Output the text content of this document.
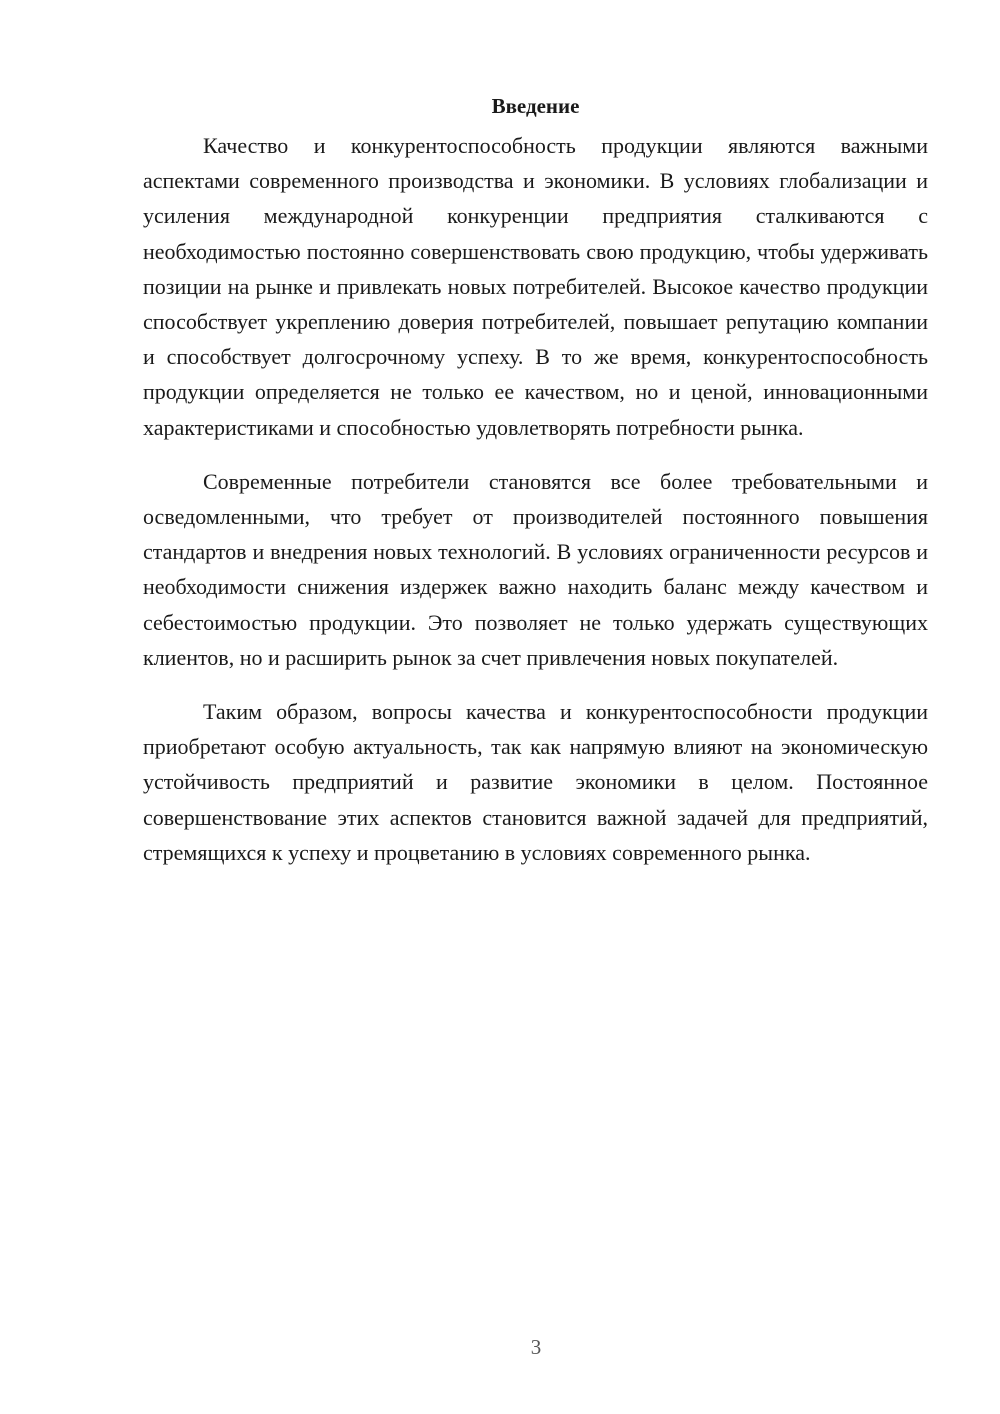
Введение

Качество и конкурентоспособность продукции являются важными аспектами современного производства и экономики. В условиях глобализации и усиления международной конкуренции предприятия сталкиваются с необходимостью постоянно совершенствовать свою продукцию, чтобы удерживать позиции на рынке и привлекать новых потребителей. Высокое качество продукции способствует укреплению доверия потребителей, повышает репутацию компании и способствует долгосрочному успеху. В то же время, конкурентоспособность продукции определяется не только ее качеством, но и ценой, инновационными характеристиками и способностью удовлетворять потребности рынка.

Современные потребители становятся все более требовательными и осведомленными, что требует от производителей постоянного повышения стандартов и внедрения новых технологий. В условиях ограниченности ресурсов и необходимости снижения издержек важно находить баланс между качеством и себестоимостью продукции. Это позволяет не только удержать существующих клиентов, но и расширить рынок за счет привлечения новых покупателей.

Таким образом, вопросы качества и конкурентоспособности продукции приобретают особую актуальность, так как напрямую влияют на экономическую устойчивость предприятий и развитие экономики в целом. Постоянное совершенствование этих аспектов становится важной задачей для предприятий, стремящихся к успеху и процветанию в условиях современного рынка.

3
